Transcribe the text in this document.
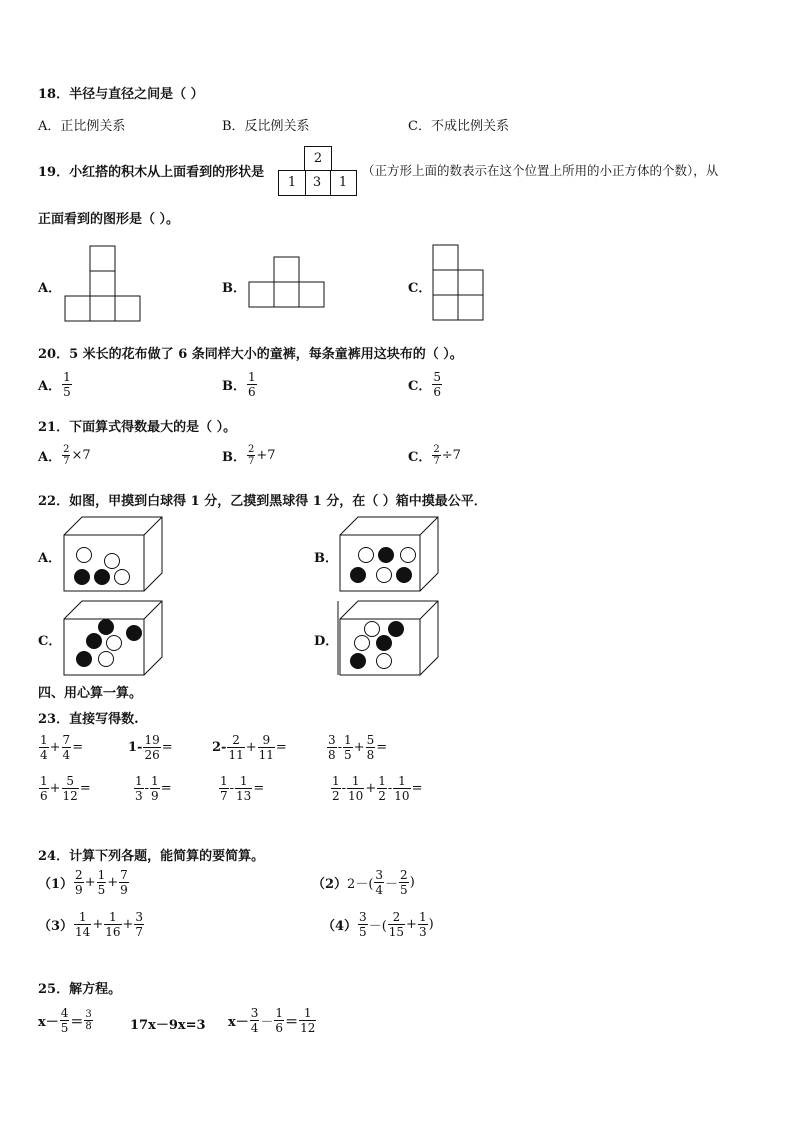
18．半径与直径之间是（ ）
A．正比例关系	B．反比例关系	C．不成比例关系
19．小红搭的积木从上面看到的形状是
2
1	3	1
（正方形上面的数表示在这个位置上所用的小正方体的个数），从
正面看到的图形是（ ）。
A．	B．	C．
20．5 米长的花布做了 6 条同样大小的童裤，每条童裤用这块布的（ ）。
A． $\frac{1}{5}$	B． $\frac{1}{6}$	C． $\frac{5}{6}$
21．下面算式得数最大的是（ ）。
A． $\frac{2}{7} \times 7$	B． $\frac{2}{7} +7$	C． $\frac{2}{7} \div 7$
22．如图，甲摸到白球得 1 分，乙摸到黑球得 1 分，在（ ）箱中摸最公平．
A．	B．
C．	D．
四、用心算一算。
23．直接写得数.
$\frac{1}{4} + \frac{7}{4}$ =	$1- \frac{19}{26}$ =	$2- \frac{2}{11} + \frac{9}{11}$ =	$\frac{3}{8} - \frac{1}{5} + \frac{5}{8}$ =
$\frac{1}{6} + \frac{5}{12}$ =	$\frac{1}{3} - \frac{1}{9}$ =	$\frac{1}{7} - \frac{1}{13}$ =	$\frac{1}{2} - \frac{1}{10} + \frac{1}{2} - \frac{1}{10}$ =
24．计算下列各题，能简算的要简算。
$(1) \frac{2}{9} + \frac{1}{5} + \frac{7}{9}$	（2） $2-( \frac{3}{4} - \frac{2}{5}$ )
$(3) \frac{1}{14} + \frac{1}{16} + \frac{3}{7}$	$(4) \frac{3}{5}$ －( $\frac{2}{15} + \frac{1}{3}$ )
25．解方程。
$x- \frac{4}{5} = \frac{3}{8}$	17x－9x=3 $x- \frac{3}{4} - \frac{1}{6} = \frac{1}{12}$
